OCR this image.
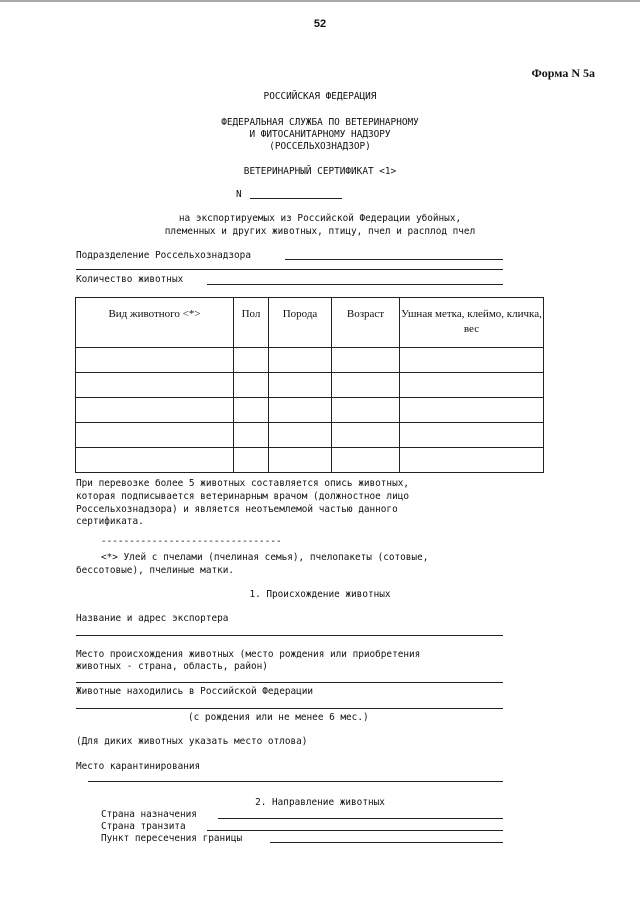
52
Форма N 5а
РОССИЙСКАЯ ФЕДЕРАЦИЯ
ФЕДЕРАЛЬНАЯ СЛУЖБА ПО ВЕТЕРИНАРНОМУ
И ФИТОСАНИТАРНОМУ НАДЗОРУ
(РОССЕЛЬХОЗНАДЗОР)
ВЕТЕРИНАРНЫЙ СЕРТИФИКАТ <1>
N
на экспортируемых из Российской Федерации убойных,
племенных и других животных, птицу, пчел и расплод пчел
Подразделение Россельхознадзора
Количество животных
Вид животного <*>	Пол	Порода	Возраст	Ушная метка, клеймо, кличка, вес

При перевозке более 5 животных составляется опись животных,
которая подписывается ветеринарным врачом (должностное лицо
Россельхознадзора) и является неотъемлемой частью данного
сертификата.
--------------------------------
<*> Улей с пчелами (пчелиная семья), пчелопакеты (сотовые,
бессотовые), пчелиные матки.
1. Происхождение животных
Название и адрес экспортера
Место происхождения животных (место рождения или приобретения
животных - страна, область, район)
Животные находились в Российской Федерации
(с рождения или не менее 6 мес.)
(Для диких животных указать место отлова)
Место карантинирования
2. Направление животных
Страна назначения
Страна транзита
Пункт пересечения границы
